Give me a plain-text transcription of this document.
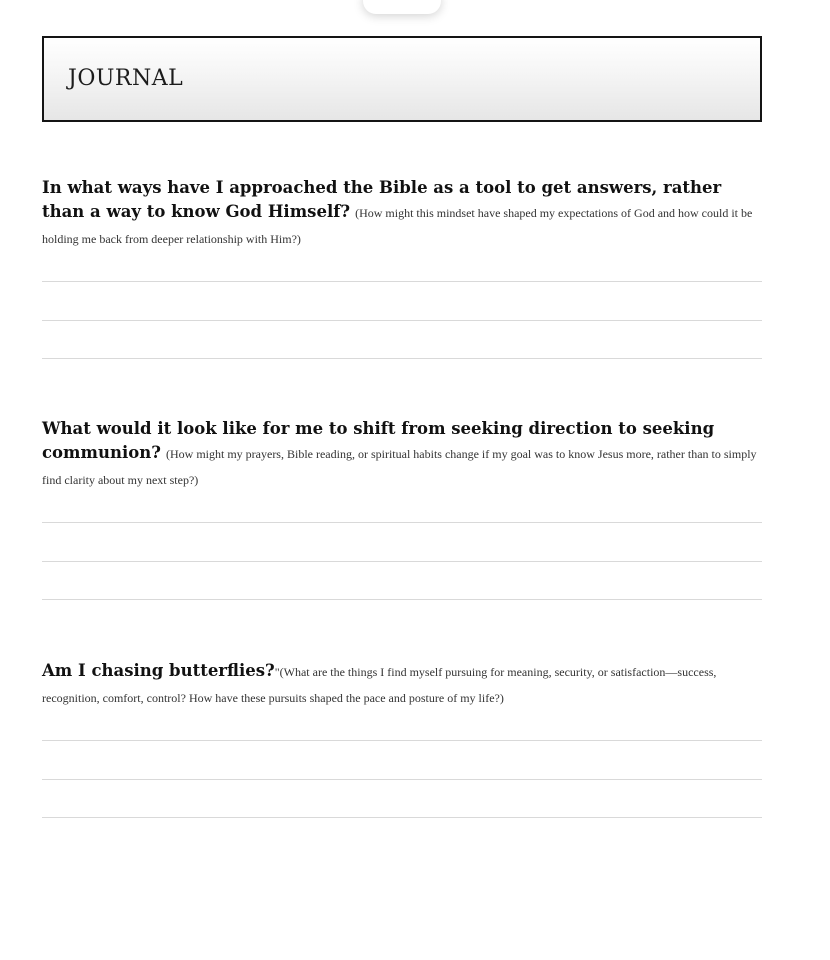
JOURNAL

In what ways have I approached the Bible as a tool to get answers, rather than a way to know God Himself? (How might this mindset have shaped my expectations of God and how could it be holding me back from deeper relationship with Him?)

What would it look like for me to shift from seeking direction to seeking communion? (How might my prayers, Bible reading, or spiritual habits change if my goal was to know Jesus more, rather than to simply find clarity about my next step?)

Am I chasing butterflies?"(What are the things I find myself pursuing for meaning, security, or satisfaction—success, recognition, comfort, control? How have these pursuits shaped the pace and posture of my life?)
